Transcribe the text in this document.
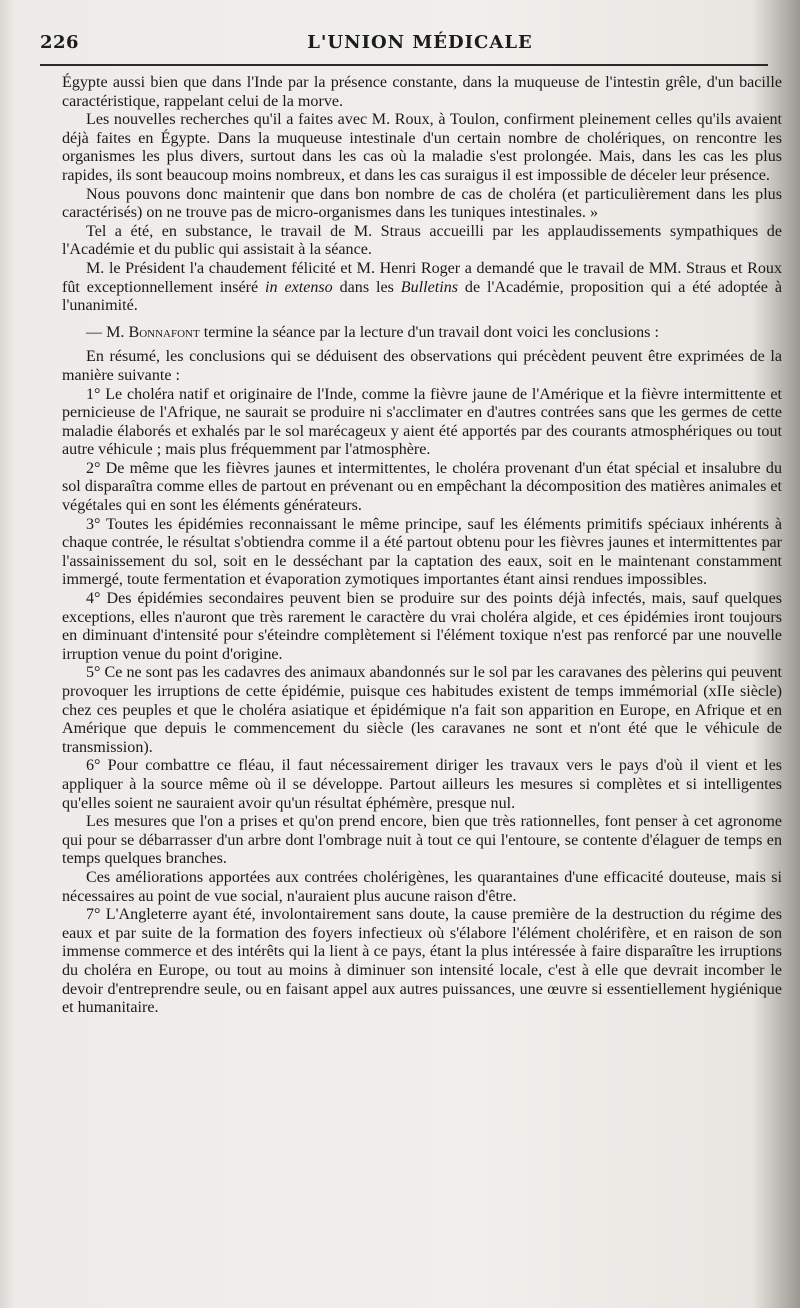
226	L'UNION MÉDICALE

Égypte aussi bien que dans l'Inde par la présence constante, dans la muqueuse de l'intestin grêle, d'un bacille caractéristique, rappelant celui de la morve.

Les nouvelles recherches qu'il a faites avec M. Roux, à Toulon, confirment pleinement celles qu'ils avaient déjà faites en Égypte. Dans la muqueuse intestinale d'un certain nombre de cholériques, on rencontre les organismes les plus divers, surtout dans les cas où la maladie s'est prolongée. Mais, dans les cas les plus rapides, ils sont beaucoup moins nombreux, et dans les cas suraigus il est impossible de déceler leur présence.

Nous pouvons donc maintenir que dans bon nombre de cas de choléra (et particulièrement dans les plus caractérisés) on ne trouve pas de micro-organismes dans les tuniques intestinales. »

Tel a été, en substance, le travail de M. Straus accueilli par les applaudissements sympathiques de l'Académie et du public qui assistait à la séance.

M. le Président l'a chaudement félicité et M. Henri Roger a demandé que le travail de MM. Straus et Roux fût exceptionnellement inséré in extenso dans les Bulletins de l'Académie, proposition qui a été adoptée à l'unanimité.

— M. Bonnafont termine la séance par la lecture d'un travail dont voici les conclusions :

En résumé, les conclusions qui se déduisent des observations qui précèdent peuvent être exprimées de la manière suivante :

1° Le choléra natif et originaire de l'Inde, comme la fièvre jaune de l'Amérique et la fièvre intermittente et pernicieuse de l'Afrique, ne saurait se produire ni s'acclimater en d'autres contrées sans que les germes de cette maladie élaborés et exhalés par le sol marécageux y aient été apportés par des courants atmosphériques ou tout autre véhicule ; mais plus fréquemment par l'atmosphère.

2° De même que les fièvres jaunes et intermittentes, le choléra provenant d'un état spécial et insalubre du sol disparaîtra comme elles de partout en prévenant ou en empêchant la décomposition des matières animales et végétales qui en sont les éléments générateurs.

3° Toutes les épidémies reconnaissant le même principe, sauf les éléments primitifs spéciaux inhérents à chaque contrée, le résultat s'obtiendra comme il a été partout obtenu pour les fièvres jaunes et intermittentes par l'assainissement du sol, soit en le desséchant par la captation des eaux, soit en le maintenant constamment immergé, toute fermentation et évaporation zymotiques importantes étant ainsi rendues impossibles.

4° Des épidémies secondaires peuvent bien se produire sur des points déjà infectés, mais, sauf quelques exceptions, elles n'auront que très rarement le caractère du vrai choléra algide, et ces épidémies iront toujours en diminuant d'intensité pour s'éteindre complètement si l'élément toxique n'est pas renforcé par une nouvelle irruption venue du point d'origine.

5° Ce ne sont pas les cadavres des animaux abandonnés sur le sol par les caravanes des pèlerins qui peuvent provoquer les irruptions de cette épidémie, puisque ces habitudes existent de temps immémorial (xIIe siècle) chez ces peuples et que le choléra asiatique et épidémique n'a fait son apparition en Europe, en Afrique et en Amérique que depuis le commencement du siècle (les caravanes ne sont et n'ont été que le véhicule de transmission).

6° Pour combattre ce fléau, il faut nécessairement diriger les travaux vers le pays d'où il vient et les appliquer à la source même où il se développe. Partout ailleurs les mesures si complètes et si intelligentes qu'elles soient ne sauraient avoir qu'un résultat éphémère, presque nul.

Les mesures que l'on a prises et qu'on prend encore, bien que très rationnelles, font penser à cet agronome qui pour se débarrasser d'un arbre dont l'ombrage nuit à tout ce qui l'entoure, se contente d'élaguer de temps en temps quelques branches.

Ces améliorations apportées aux contrées cholérigènes, les quarantaines d'une efficacité douteuse, mais si nécessaires au point de vue social, n'auraient plus aucune raison d'être.

7° L'Angleterre ayant été, involontairement sans doute, la cause première de la destruction du régime des eaux et par suite de la formation des foyers infectieux où s'élabore l'élément cholérifère, et en raison de son immense commerce et des intérêts qui la lient à ce pays, étant la plus intéressée à faire disparaître les irruptions du choléra en Europe, ou tout au moins à diminuer son intensité locale, c'est à elle que devrait incomber le devoir d'entreprendre seule, ou en faisant appel aux autres puissances, une œuvre si essentiellement hygiénique et humanitaire.
